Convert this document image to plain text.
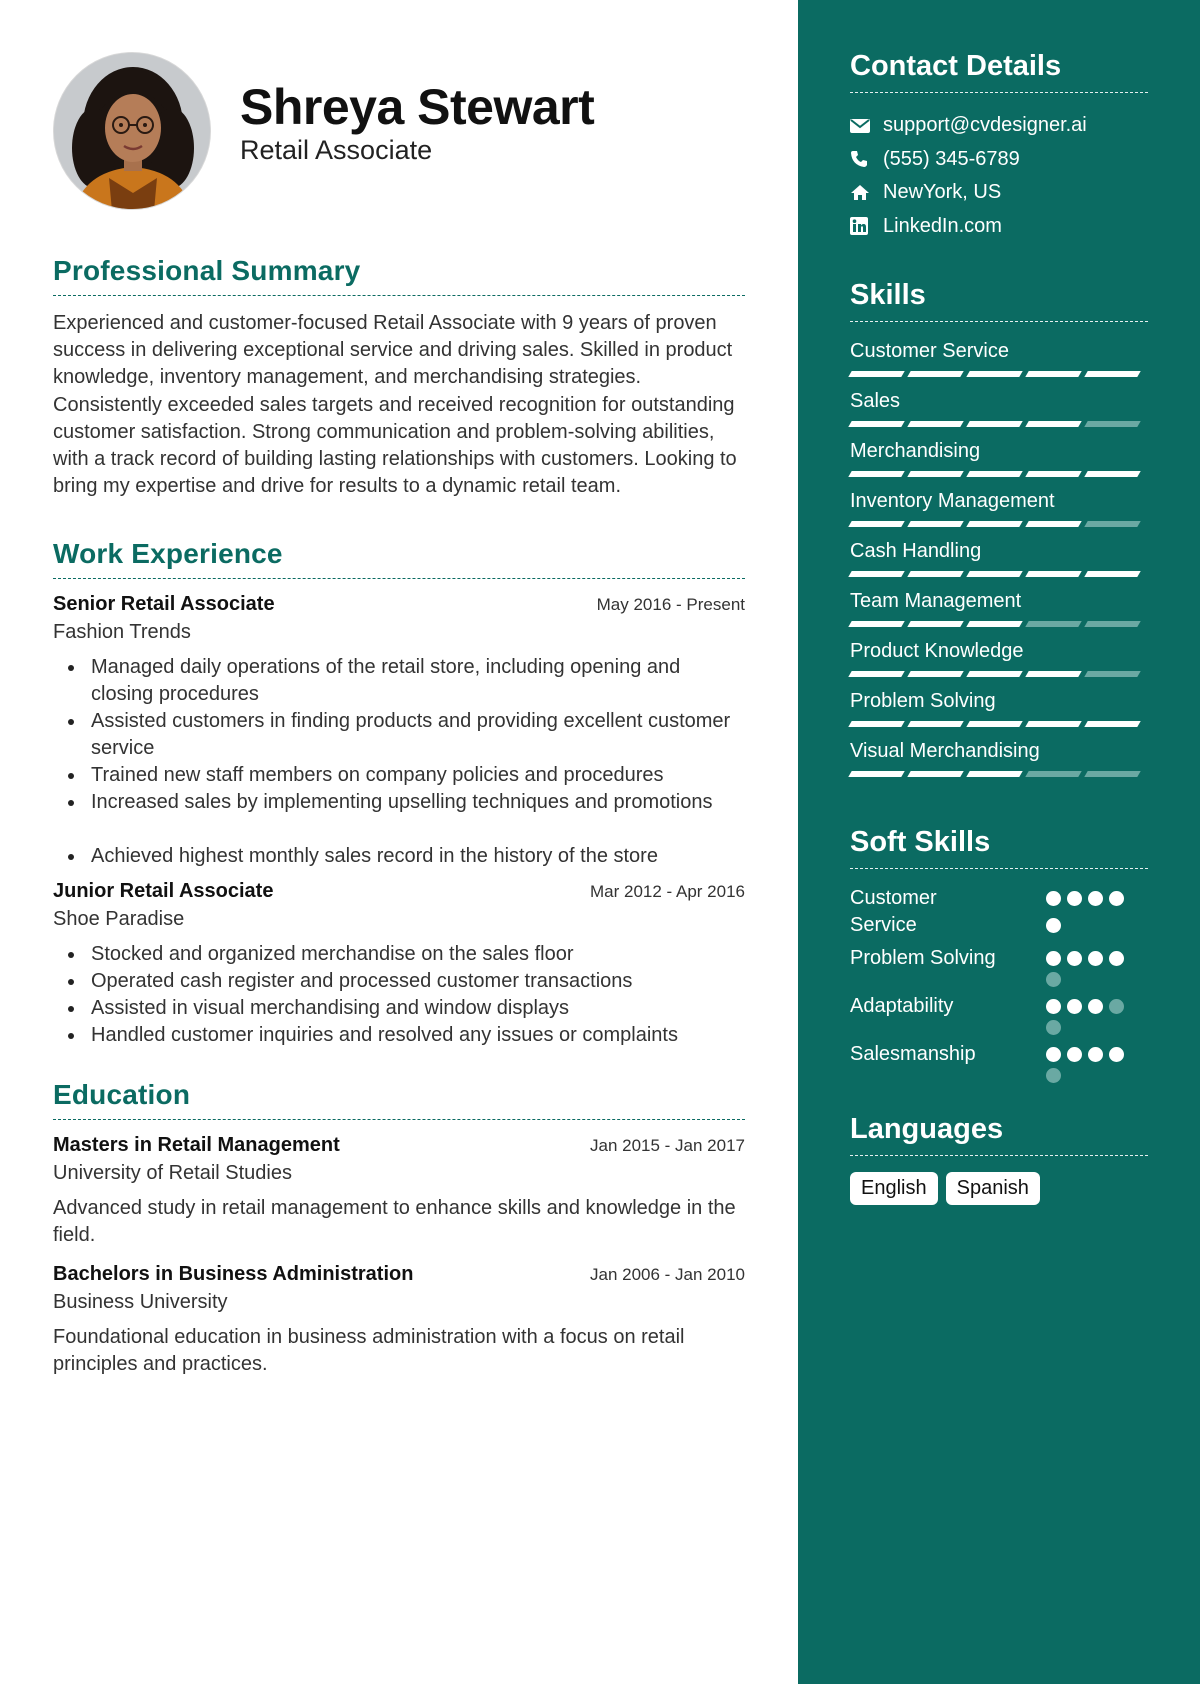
Shreya Stewart
Retail Associate
Professional Summary

Experienced and customer-focused Retail Associate with 9 years of proven success in delivering exceptional service and driving sales. Skilled in product knowledge, inventory management, and merchandising strategies. Consistently exceeded sales targets and received recognition for outstanding customer satisfaction. Strong communication and problem-solving abilities, with a track record of building lasting relationships with customers. Looking to bring my expertise and drive for results to a dynamic retail team.

Work Experience
Senior Retail Associate	May 2016 - Present
Fashion Trends
Managed daily operations of the retail store, including opening and closing procedures
Assisted customers in finding products and providing excellent customer service
Trained new staff members on company policies and procedures
Increased sales by implementing upselling techniques and promotions
Achieved highest monthly sales record in the history of the store
Junior Retail Associate	Mar 2012 - Apr 2016
Shoe Paradise
Stocked and organized merchandise on the sales floor
Operated cash register and processed customer transactions
Assisted in visual merchandising and window displays
Handled customer inquiries and resolved any issues or complaints
Education
Masters in Retail Management	Jan 2015 - Jan 2017
University of Retail Studies

Advanced study in retail management to enhance skills and knowledge in the field.

Bachelors in Business Administration	Jan 2006 - Jan 2010
Business University

Foundational education in business administration with a focus on retail principles and practices.

Contact Details
support@cvdesigner.ai
(555) 345-6789
NewYork, US
LinkedIn.com
Skills
Customer Service
Sales
Merchandising
Inventory Management
Cash Handling
Team Management
Product Knowledge
Problem Solving
Visual Merchandising
Soft Skills
Customer Service
Problem Solving
Adaptability
Salesmanship
Languages
English	Spanish
